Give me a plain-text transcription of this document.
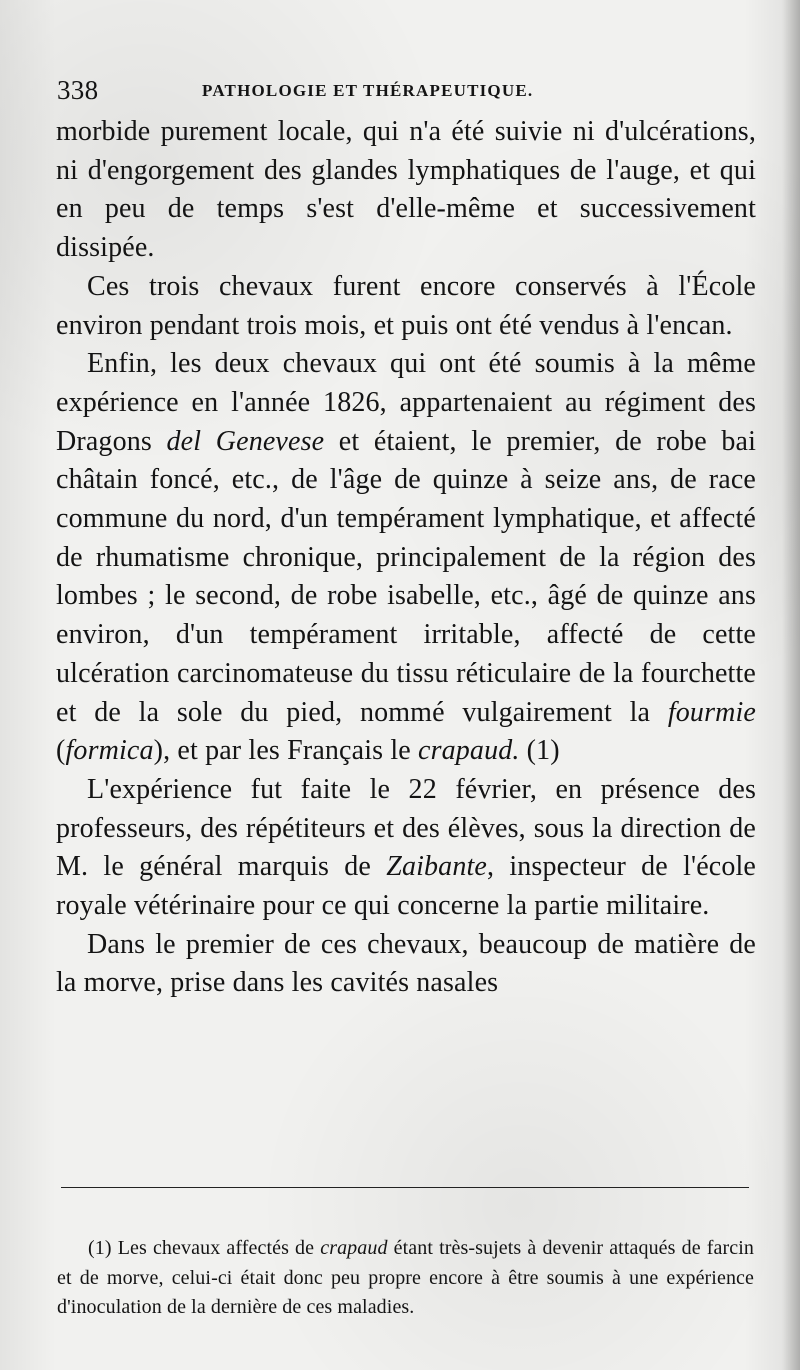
338	PATHOLOGIE ET THÉRAPEUTIQUE.

morbide purement locale, qui n'a été suivie ni d'ulcérations, ni d'engorgement des glandes lymphatiques de l'auge, et qui en peu de temps s'est d'elle-même et successivement dissipée.

Ces trois chevaux furent encore conservés à l'École environ pendant trois mois, et puis ont été vendus à l'encan.

Enfin, les deux chevaux qui ont été soumis à la même expérience en l'année 1826, appartenaient au régiment des Dragons del Genevese et étaient, le premier, de robe bai châtain foncé, etc., de l'âge de quinze à seize ans, de race commune du nord, d'un tempérament lymphatique, et affecté de rhumatisme chronique, principalement de la région des lombes ; le second, de robe isabelle, etc., âgé de quinze ans environ, d'un tempérament irritable, affecté de cette ulcération carcinomateuse du tissu réticulaire de la fourchette et de la sole du pied, nommé vulgairement la fourmie (formica), et par les Français le crapaud. (1)

L'expérience fut faite le 22 février, en présence des professeurs, des répétiteurs et des élèves, sous la direction de M. le général marquis de Zaibante, inspecteur de l'école royale vétérinaire pour ce qui concerne la partie militaire.

Dans le premier de ces chevaux, beaucoup de matière de la morve, prise dans les cavités nasales

(1) Les chevaux affectés de crapaud étant très-sujets à devenir attaqués de farcin et de morve, celui-ci était donc peu propre encore à être soumis à une expérience d'inoculation de la dernière de ces maladies.
